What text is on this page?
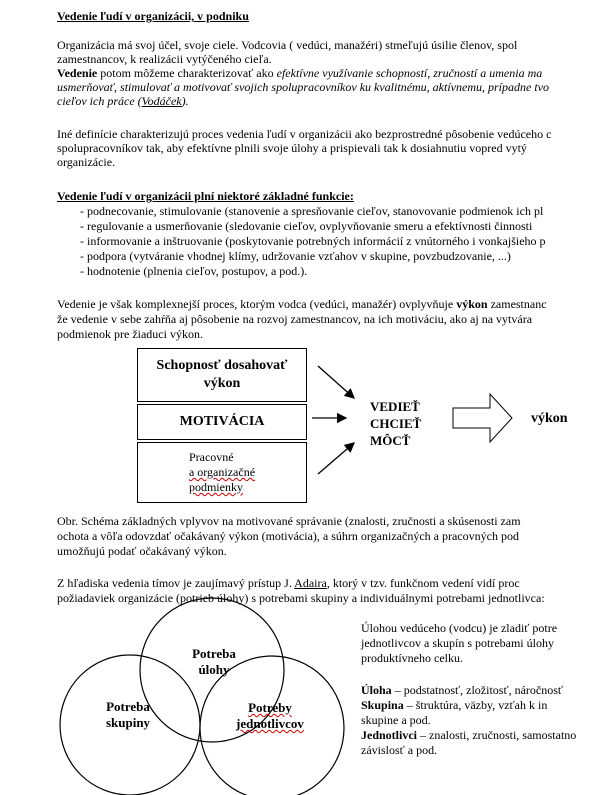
Vedenie ľudí v organizácii, v podniku
Organizácia má svoj účel, svoje ciele. Vodcovia ( vedúci, manažéri) stmeľujú úsilie členov, spol
zamestnancov, k realizácii vytýčeného cieľa.
Vedenie potom môžeme charakterizovať ako efektívne využívanie schopností, zručností a umenia ma
usmerňovať, stimulovať a motivovať svojich spolupracovníkov ku kvalitnému, aktívnemu, prípadne tvo
cieľov ich práce (Vodáček).
Iné definície charakterizujú proces vedenia ľudí v organizácii ako bezprostredné pôsobenie vedúceho c
spolupracovníkov tak, aby efektívne plnili svoje úlohy a prispievali tak k dosiahnutiu vopred vytý
organizácie.
Vedenie ľudí v organizácii plní niektoré základné funkcie:
- podnecovanie, stimulovanie (stanovenie a spresňovanie cieľov, stanovovanie podmienok ich pl
- regulovanie a usmerňovanie (sledovanie cieľov, ovplyvňovanie smeru a efektívnosti činnosti
- informovanie a inštruovanie (poskytovanie potrebných informácií z vnútorného i vonkajšieho p
- podpora (vytváranie vhodnej klímy, udržovanie vzťahov v skupine, povzbudzovanie, ...)
- hodnotenie (plnenia cieľov, postupov, a pod.).
Vedenie je však komplexnejší proces, ktorým vodca (vedúci, manažér) ovplyvňuje výkon zamestnanc
že vedenie v sebe zahŕňa aj pôsobenie na rozvoj zamestnancov, na ich motiváciu, ako aj na vytvára
podmienok pre žiaduci výkon.
Schopnosť dosahovať
výkon
MOTIVÁCIA
Pracovné
a organizačné
podmienky
VEDIEŤ
CHCIEŤ
MÔCŤ
výkon
Obr. Schéma základných vplyvov na motivované správanie (znalosti, zručnosti a skúsenosti zam
ochota a vôľa odovzdať očakávaný výkon (motivácia), a súhrn organizačných a pracovných pod
umožňujú podať očakávaný výkon.
Z hľadiska vedenia tímov je zaujímavý prístup J. Adaira, ktorý v tzv. funkčnom vedení vidí proc
požiadaviek organizácie (potrieb úlohy) s potrebami skupiny a individuálnymi potrebami jednotlivca:
Potreba
úlohy
Potreba
skupiny
Potreby
jednotlivcov
Úlohou vedúceho (vodcu) je zladiť potre
jednotlivcov a skupín s potrebami úlohy
produktívneho celku.
Úloha – podstatnosť, zložitosť, náročnosť
Skupina – štruktúra, väzby, vzťah k in
skupine a pod.
Jednotlivci – znalosti, zručnosti, samostatno
závislosť a pod.
